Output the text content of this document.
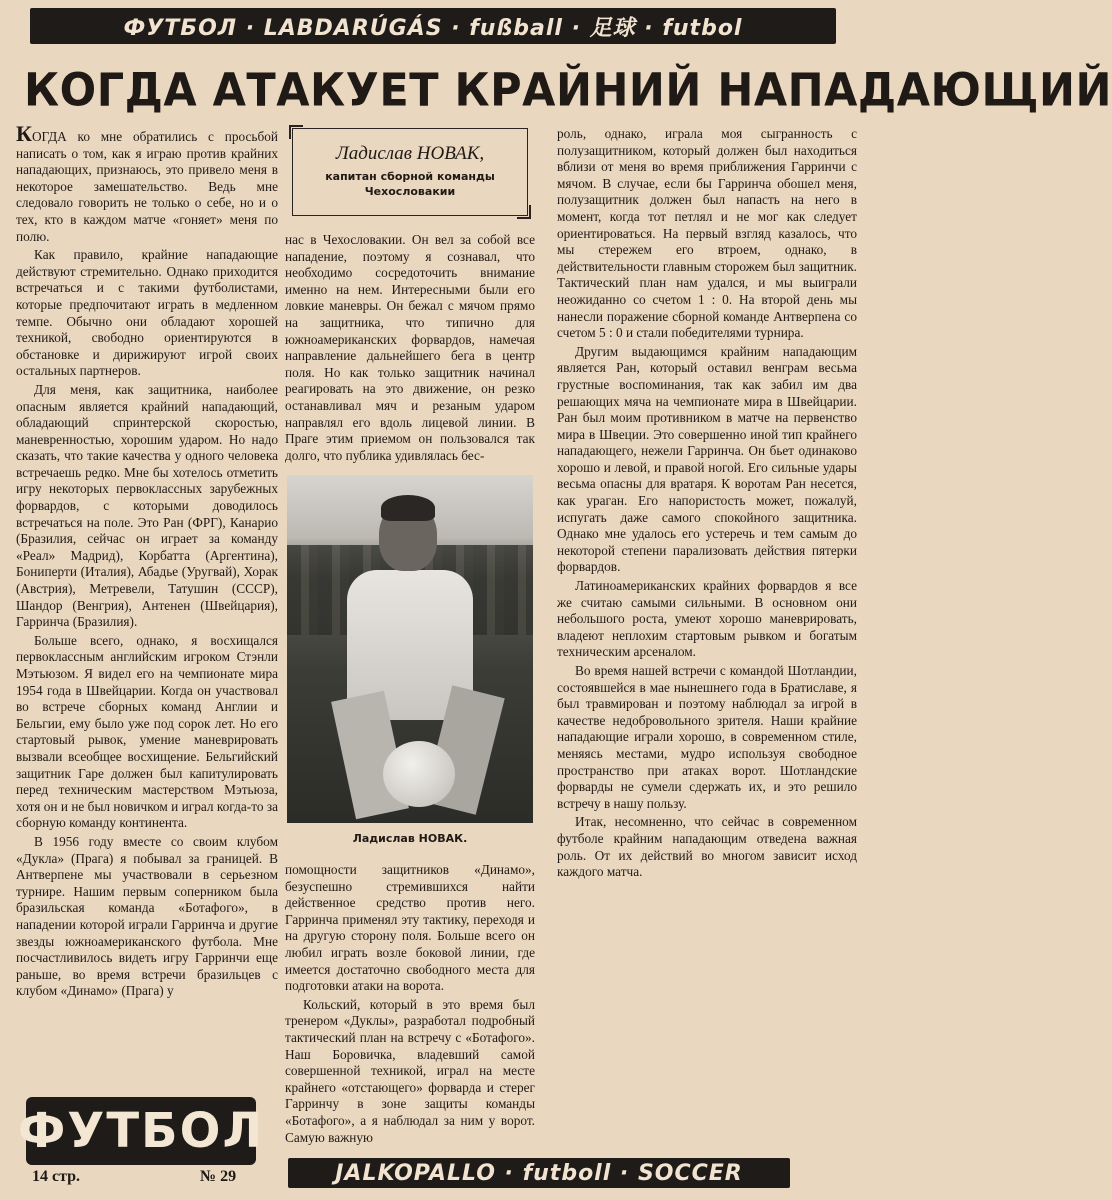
ФУТБОЛ · LABDARÚGÁS · fußball · 足球 · futbol
КОГДА АТАКУЕТ КРАЙНИЙ НАПАДАЮЩИЙ

КОГДА ко мне обратились с просьбой написать о том, как я играю против крайних нападающих, признаюсь, это привело меня в некоторое замешательство. Ведь мне следовало говорить не только о себе, но и о тех, кто в каждом матче «гоняет» меня по полю.

Как правило, крайние нападающие действуют стремительно. Однако приходится встречаться и с такими футболистами, которые предпочитают играть в медленном темпе. Обычно они обладают хорошей техникой, свободно ориентируются в обстановке и дирижируют игрой своих остальных партнеров.

Для меня, как защитника, наиболее опасным является крайний нападающий, обладающий спринтерской скоростью, маневренностью, хорошим ударом. Но надо сказать, что такие качества у одного человека встречаешь редко. Мне бы хотелось отметить игру некоторых первоклассных зарубежных форвардов, с которыми доводилось встречаться на поле. Это Ран (ФРГ), Канарио (Бразилия, сейчас он играет за команду «Реал» Мадрид), Корбатта (Аргентина), Бониперти (Италия), Абадье (Уругвай), Хорак (Австрия), Метревели, Татушин (СССР), Шандор (Венгрия), Антенен (Швейцария), Гарринча (Бразилия).

Больше всего, однако, я восхищался первоклассным английским игроком Стэнли Мэтьюзом. Я видел его на чемпионате мира 1954 года в Швейцарии. Когда он участвовал во встрече сборных команд Англии и Бельгии, ему было уже под сорок лет. Но его стартовый рывок, умение маневрировать вызвали всеобщее восхищение. Бельгийский защитник Гаре должен был капитулировать перед техническим мастерством Мэтьюза, хотя он и не был новичком и играл когда-то за сборную команду континента.

В 1956 году вместе со своим клубом «Дукла» (Прага) я побывал за границей. В Антверпене мы участвовали в серьезном турнире. Нашим первым соперником была бразильская команда «Ботафого», в нападении которой играли Гарринча и другие звезды южноамериканского футбола. Мне посчастливилось видеть игру Гарринчи еще раньше, во время встречи бразильцев с клубом «Динамо» (Прага) у

Ладислав НОВАК,
капитан сборной команды
Чехословакии

нас в Чехословакии. Он вел за собой все нападение, поэтому я сознавал, что необходимо сосредоточить внимание именно на нем. Интересными были его ловкие маневры. Он бежал с мячом прямо на защитника, что типично для южноамериканских форвардов, намечая направление дальнейшего бега в центр поля. Но как только защитник начинал реагировать на это движение, он резко останавливал мяч и резаным ударом направлял его вдоль лицевой линии. В Праге этим приемом он пользовался так долго, что публика удивлялась бес-

Ладислав НОВАК.

помощности защитников «Динамо», безуспешно стремившихся найти действенное средство против него. Гарринча применял эту тактику, переходя и на другую сторону поля. Больше всего он любил играть возле боковой линии, где имеется достаточно свободного места для подготовки атаки на ворота.

Кольский, который в это время был тренером «Дуклы», разработал подробный тактический план на встречу с «Ботафого». Наш Боровичка, владевший самой совершенной техникой, играл на месте крайнего «отстающего» форварда и стерег Гарринчу в зоне защиты команды «Ботафого», а я наблюдал за ним у ворот. Самую важную

роль, однако, играла моя сыгранность с полузащитником, который должен был находиться вблизи от меня во время приближения Гарринчи с мячом. В случае, если бы Гарринча обошел меня, полузащитник должен был напасть на него в момент, когда тот петлял и не мог как следует ориентироваться. На первый взгляд казалось, что мы стережем его втроем, однако, в действительности главным сторожем был защитник. Тактический план нам удался, и мы выиграли неожиданно со счетом 1 : 0. На второй день мы нанесли поражение сборной команде Антверпена со счетом 5 : 0 и стали победителями турнира.

Другим выдающимся крайним нападающим является Ран, который оставил венграм весьма грустные воспоминания, так как забил им два решающих мяча на чемпионате мира в Швейцарии. Ран был моим противником в матче на первенство мира в Швеции. Это совершенно иной тип крайнего нападающего, нежели Гарринча. Он бьет одинаково хорошо и левой, и правой ногой. Его сильные удары весьма опасны для вратаря. К воротам Ран несется, как ураган. Его напористость может, пожалуй, испугать даже самого спокойного защитника. Однако мне удалось его устеречь и тем самым до некоторой степени парализовать действия пятерки форвардов.

Латиноамериканских крайних форвардов я все же считаю самыми сильными. В основном они небольшого роста, умеют хорошо маневрировать, владеют неплохим стартовым рывком и богатым техническим арсеналом.

Во время нашей встречи с командой Шотландии, состоявшейся в мае нынешнего года в Братиславе, я был травмирован и поэтому наблюдал за игрой в качестве недобровольного зрителя. Наши крайние нападающие играли хорошо, в современном стиле, меняясь местами, мудро используя свободное пространство при атаках ворот. Шотландские форварды не сумели сдержать их, и это решило встречу в нашу пользу.

Итак, несомненно, что сейчас в современном футболе крайним нападающим отведена важная роль. От их действий во многом зависит исход каждого матча.

ФУТБОЛ
14 стр.	№ 29	JALKOPALLO · futboll · SOCCER
